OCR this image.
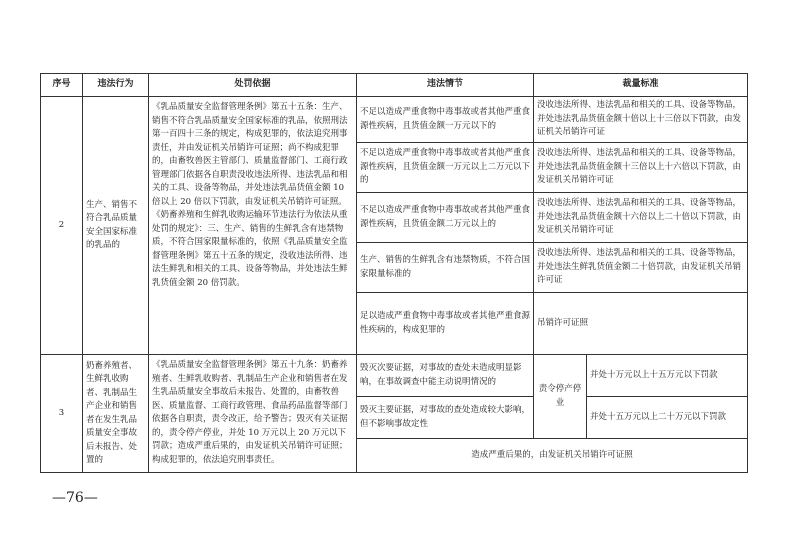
序号	违法行为	处罚依据	违法情节	裁量标准	
2	生产、销售不符合乳品质量安全国家标准的乳品的	《乳品质量安全监督管理条例》第五十五条：生产、销售不符合乳品质量安全国家标准的乳品，依照刑法第一百四十三条的规定，构成犯罪的，依法追究刑事责任，并由发证机关吊销许可证照；尚不构成犯罪的，由畜牧兽医主管部门、质量监督部门、工商行政管理部门依据各自职责没收违法所得、违法乳品和相关的工具、设备等物品，并处违法乳品货值金额 10 倍以上 20 倍以下罚款，由发证机关吊销许可证照。《奶畜养殖和生鲜乳收购运输环节违法行为依法从重处罚的规定》：三、生产、销售的生鲜乳含有违禁物质，不符合国家限量标准的，依照《乳品质量安全监督管理条例》第五十五条的规定，没收违法所得、违法生鲜乳和相关的工具、设备等物品，并处违法生鲜乳货值金额 20 倍罚款。	不足以造成严重食物中毒事故或者其他严重食源性疾病，且货值金额一万元以下的	没收违法所得、违法乳品和相关的工具、设备等物品，并处违法乳品货值金额十倍以上十三倍以下罚款，由发证机关吊销许可证	
			不足以造成严重食物中毒事故或者其他严重食源性疾病，且货值金额一万元以上二万元以下的	没收违法所得、违法乳品和相关的工具、设备等物品，并处违法乳品货值金额十三倍以上十六倍以下罚款，由发证机关吊销许可证	
			不足以造成严重食物中毒事故或者其他严重食源性疾病，且货值金额二万元以上的	没收违法所得、违法乳品和相关的工具、设备等物品，并处违法乳品货值金额十六倍以上二十倍以下罚款，由发证机关吊销许可证	
			生产、销售的生鲜乳含有违禁物质，不符合国家限量标准的	没收违法所得、违法乳品和相关的工具、设备等物品，并处违法生鲜乳货值金额二十倍罚款，由发证机关吊销许可证	
			足以造成严重食物中毒事故或者其他严重食源性疾病的，构成犯罪的	吊销许可证照	
3	奶畜养殖者、生鲜乳收购者、乳制品生产企业和销售者在发生乳品质量安全事故后未报告、处置的	《乳品质量安全监督管理条例》第五十九条：奶畜养殖者、生鲜乳收购者、乳制品生产企业和销售者在发生乳品质量安全事故后未报告、处置的，由畜牧兽医、质量监督、工商行政管理、食品药品监督等部门依据各自职责，责令改正，给予警告；毁灭有关证据的，责令停产停业，并处 10 万元以上 20 万元以下罚款；造成严重后果的，由发证机关吊销许可证照；构成犯罪的，依法追究刑事责任。	毁灭次要证据，对事故的查处未造成明显影响，在事故调查中能主动说明情况的	责令停产停业	并处十万元以上十五万元以下罚款
			毁灭主要证据，对事故的查处造成较大影响，但不影响事故定性		并处十五万元以上二十万元以下罚款
			造成严重后果的，由发证机关吊销许可证照		
—76—
